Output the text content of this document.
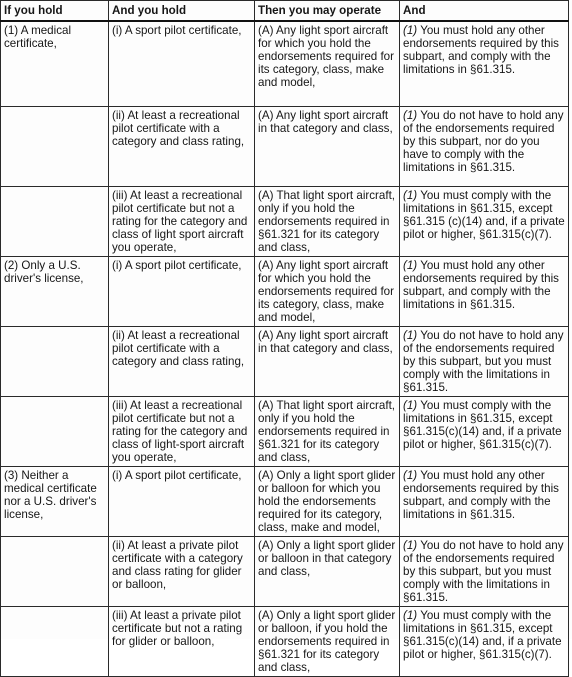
If you hold	And you hold	Then you may operate	And
(1) A medical certificate,	(i) A sport pilot certificate,	(A) Any light sport aircraft for which you hold the endorsements required for its category, class, make and model,	(1) You must hold any other endorsements required by this subpart, and comply with the limitations in §61.315.
	(ii) At least a recreational pilot certificate with a category and class rating,	(A) Any light sport aircraft in that category and class,	(1) You do not have to hold any of the endorsements required by this subpart, nor do you have to comply with the limitations in §61.315.
	(iii) At least a recreational pilot certificate but not a rating for the category and class of light sport aircraft you operate,	(A) That light sport aircraft, only if you hold the endorsements required in §61.321 for its category and class,	(1) You must comply with the limitations in §61.315, except §61.315 (c)(14) and, if a private pilot or higher, §61.315(c)(7).
(2) Only a U.S. driver's license,	(i) A sport pilot certificate,	(A) Any light sport aircraft for which you hold the endorsements required for its category, class, make and model,	(1) You must hold any other endorsements required by this subpart, and comply with the limitations in §61.315.
	(ii) At least a recreational pilot certificate with a category and class rating,	(A) Any light sport aircraft in that category and class,	(1) You do not have to hold any of the endorsements required by this subpart, but you must comply with the limitations in §61.315.
	(iii) At least a recreational pilot certificate but not a rating for the category and class of light-sport aircraft you operate,	(A) That light sport aircraft, only if you hold the endorsements required in §61.321 for its category and class,	(1) You must comply with the limitations in §61.315, except §61.315(c)(14) and, if a private pilot or higher, §61.315(c)(7).
(3) Neither a medical certificate nor a U.S. driver's license,	(i) A sport pilot certificate,	(A) Only a light sport glider or balloon for which you hold the endorsements required for its category, class, make and model,	(1) You must hold any other endorsements required by this subpart, and comply with the limitations in §61.315.
	(ii) At least a private pilot certificate with a category and class rating for glider or balloon,	(A) Only a light sport glider or balloon in that category and class,	(1) You do not have to hold any of the endorsements required by this subpart, but you must comply with the limitations in §61.315.
	(iii) At least a private pilot certificate but not a rating for glider or balloon,	(A) Only a light sport glider or balloon, if you hold the endorsements required in §61.321 for its category and class,	(1) You must comply with the limitations in §61.315, except §61.315(c)(14) and, if a private pilot or higher, §61.315(c)(7).
